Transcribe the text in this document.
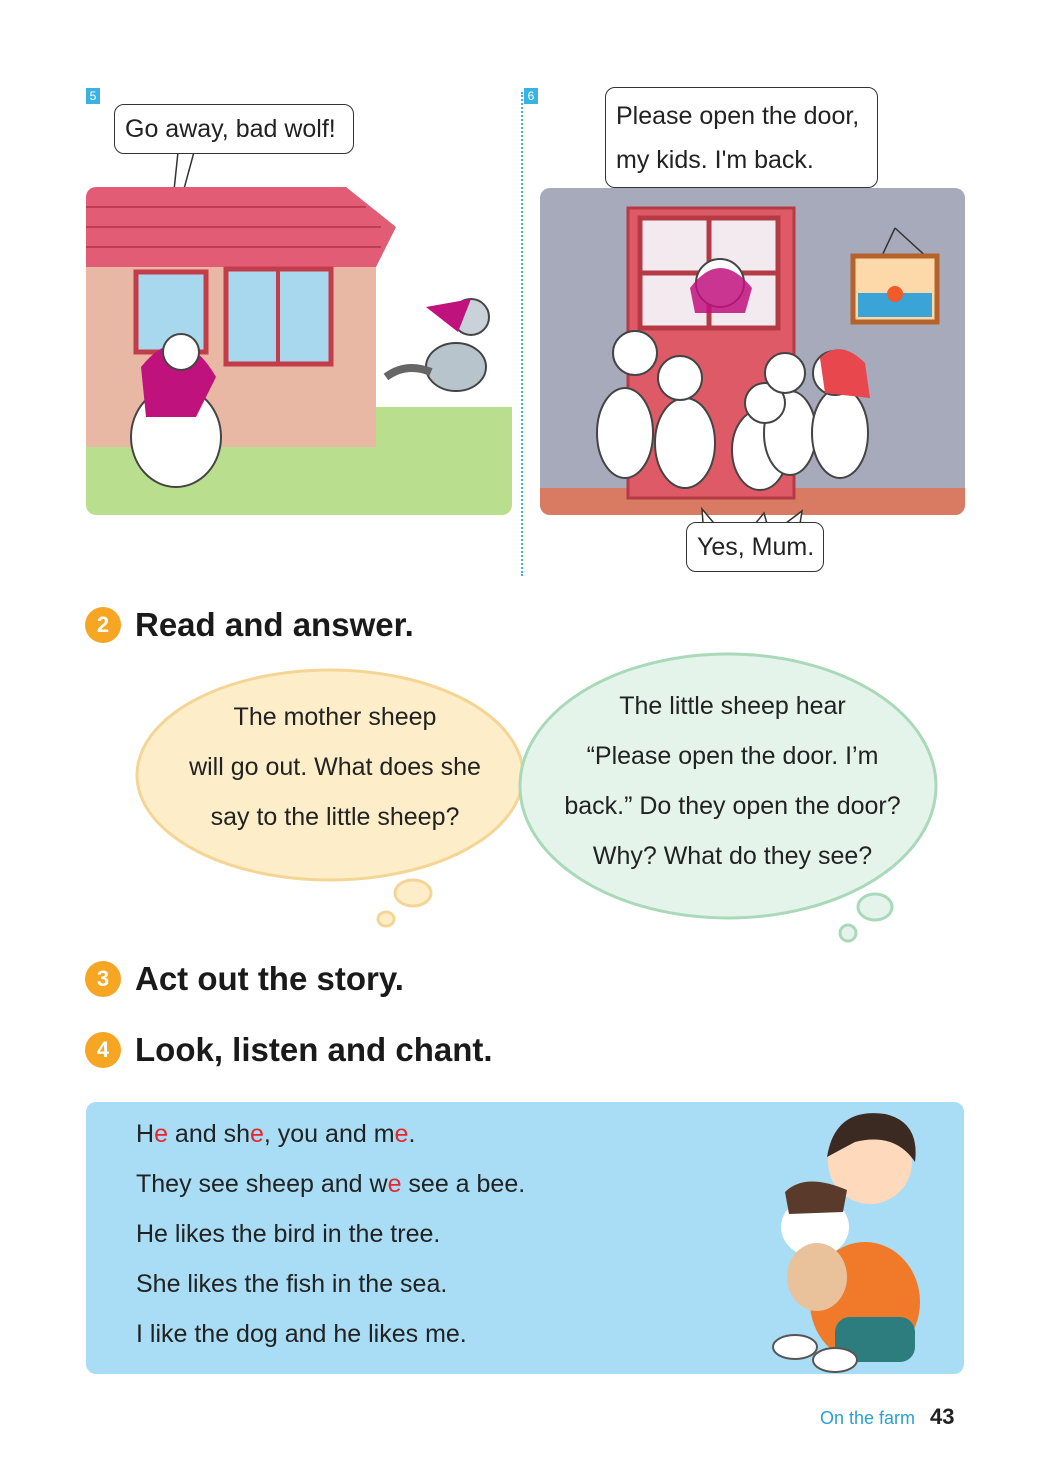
5
Go away, bad wolf!
6
Please open the door,
my kids. I'm back.
Yes, Mum.
2 Read and answer.
The mother sheep
will go out. What does she
say to the little sheep?
The little sheep hear
“Please open the door. I’m
back.” Do they open the door?
Why? What do they see?
3 Act out the story.
4 Look, listen and chant.
He and she, you and me.
They see sheep and we see a bee.
He likes the bird in the tree.
She likes the fish in the sea.
I like the dog and he likes me.
On the farm 43
